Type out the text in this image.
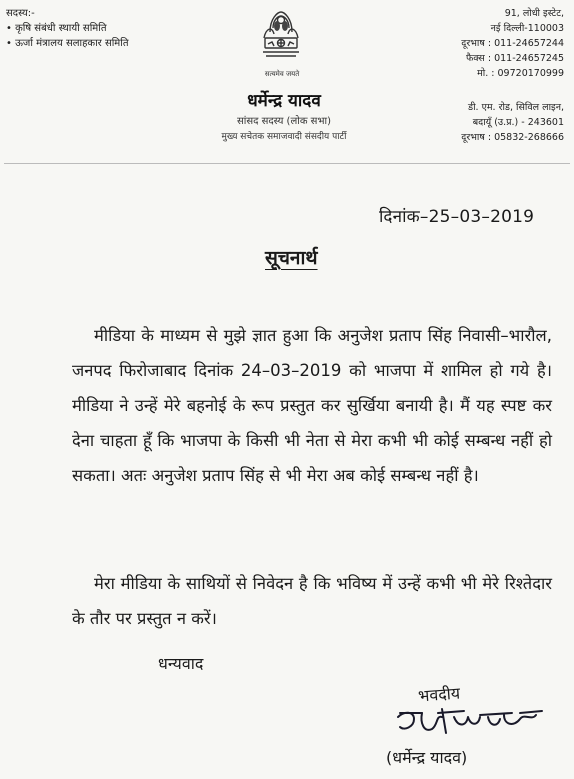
सदस्य:-
• कृषि संबंधी स्थायी समिति
• ऊर्जा मंत्रालय सलाहकार समिति
सत्यमेव जयते
धर्मेन्द्र यादव
सांसद सदस्य (लोक सभा)
मुख्य सचेतक समाजवादी संसदीय पार्टी
91, लोधी इस्टेट,
नई दिल्ली-110003
दूरभाष : 011-24657244
फैक्स : 011-24657245
मो. : 09720170999
डी. एम. रोड, सिविल लाइन,
बदायूँ (उ.प्र.) - 243601
दूरभाष : 05832-268666
दिनांक–25–03–2019
सूचनार्थ
मीडिया के माध्यम से मुझे ज्ञात हुआ कि अनुजेश प्रताप सिंह निवासी–भारौल, जनपद फिरोजाबाद दिनांक 24–03–2019 को भाजपा में शामिल हो गये है। मीडिया ने उन्हें मेरे बहनोई के रूप प्रस्तुत कर सुर्खिया बनायी है। मैं यह स्पष्ट कर देना चाहता हूँ कि भाजपा के किसी भी नेता से मेरा कभी भी कोई सम्बन्ध नहीं हो सकता। अतः अनुजेश प्रताप सिंह से भी मेरा अब कोई सम्बन्ध नहीं है।
मेरा मीडिया के साथियों से निवेदन है कि भविष्य में उन्हें कभी भी मेरे रिश्तेदार के तौर पर प्रस्तुत न करें।
धन्यवाद
भवदीय
(धर्मेन्द्र यादव)
